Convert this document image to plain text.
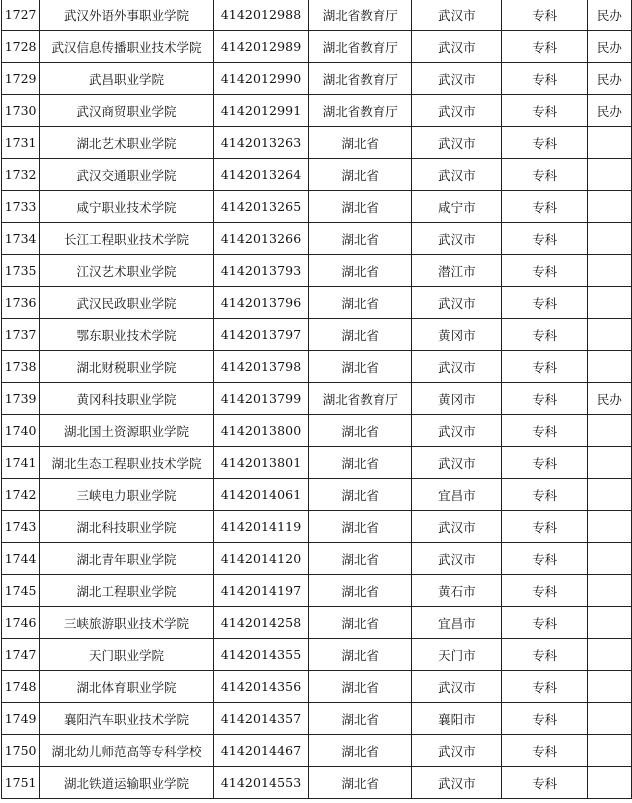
1727	武汉外语外事职业学院	4142012988	湖北省教育厅	武汉市	专科	民办
1728	武汉信息传播职业技术学院	4142012989	湖北省教育厅	武汉市	专科	民办
1729	武昌职业学院	4142012990	湖北省教育厅	武汉市	专科	民办
1730	武汉商贸职业学院	4142012991	湖北省教育厅	武汉市	专科	民办
1731	湖北艺术职业学院	4142013263	湖北省	武汉市	专科	
1732	武汉交通职业学院	4142013264	湖北省	武汉市	专科	
1733	咸宁职业技术学院	4142013265	湖北省	咸宁市	专科	
1734	长江工程职业技术学院	4142013266	湖北省	武汉市	专科	
1735	江汉艺术职业学院	4142013793	湖北省	潜江市	专科	
1736	武汉民政职业学院	4142013796	湖北省	武汉市	专科	
1737	鄂东职业技术学院	4142013797	湖北省	黄冈市	专科	
1738	湖北财税职业学院	4142013798	湖北省	武汉市	专科	
1739	黄冈科技职业学院	4142013799	湖北省教育厅	黄冈市	专科	民办
1740	湖北国土资源职业学院	4142013800	湖北省	武汉市	专科	
1741	湖北生态工程职业技术学院	4142013801	湖北省	武汉市	专科	
1742	三峡电力职业学院	4142014061	湖北省	宜昌市	专科	
1743	湖北科技职业学院	4142014119	湖北省	武汉市	专科	
1744	湖北青年职业学院	4142014120	湖北省	武汉市	专科	
1745	湖北工程职业学院	4142014197	湖北省	黄石市	专科	
1746	三峡旅游职业技术学院	4142014258	湖北省	宜昌市	专科	
1747	天门职业学院	4142014355	湖北省	天门市	专科	
1748	湖北体育职业学院	4142014356	湖北省	武汉市	专科	
1749	襄阳汽车职业技术学院	4142014357	湖北省	襄阳市	专科	
1750	湖北幼儿师范高等专科学校	4142014467	湖北省	武汉市	专科	
1751	湖北铁道运输职业学院	4142014553	湖北省	武汉市	专科	
